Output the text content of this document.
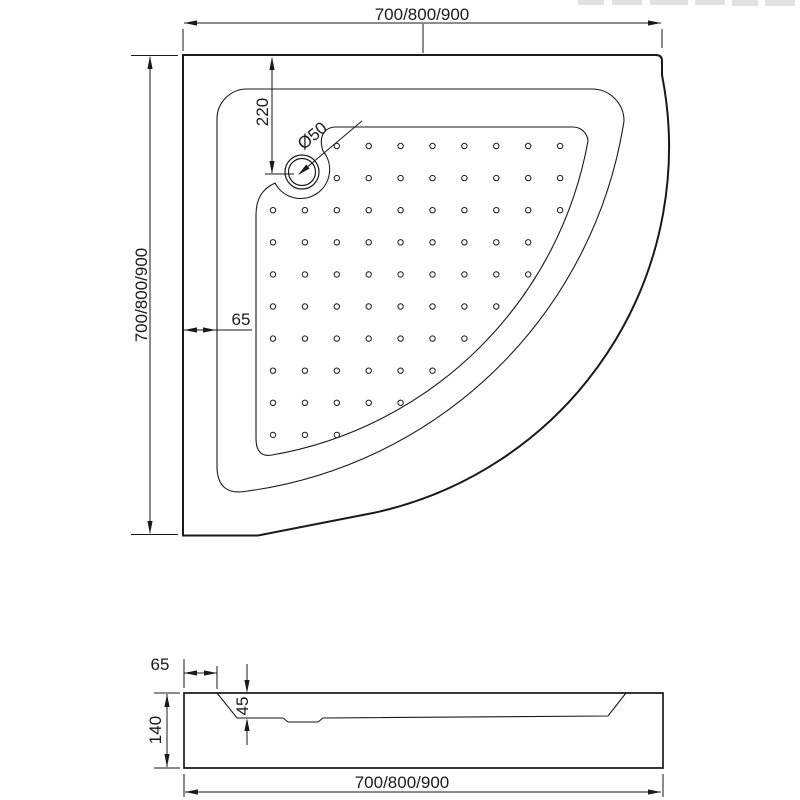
700/800/900
700/800/900
220
65
Ø50
65
45
140
700/800/900
